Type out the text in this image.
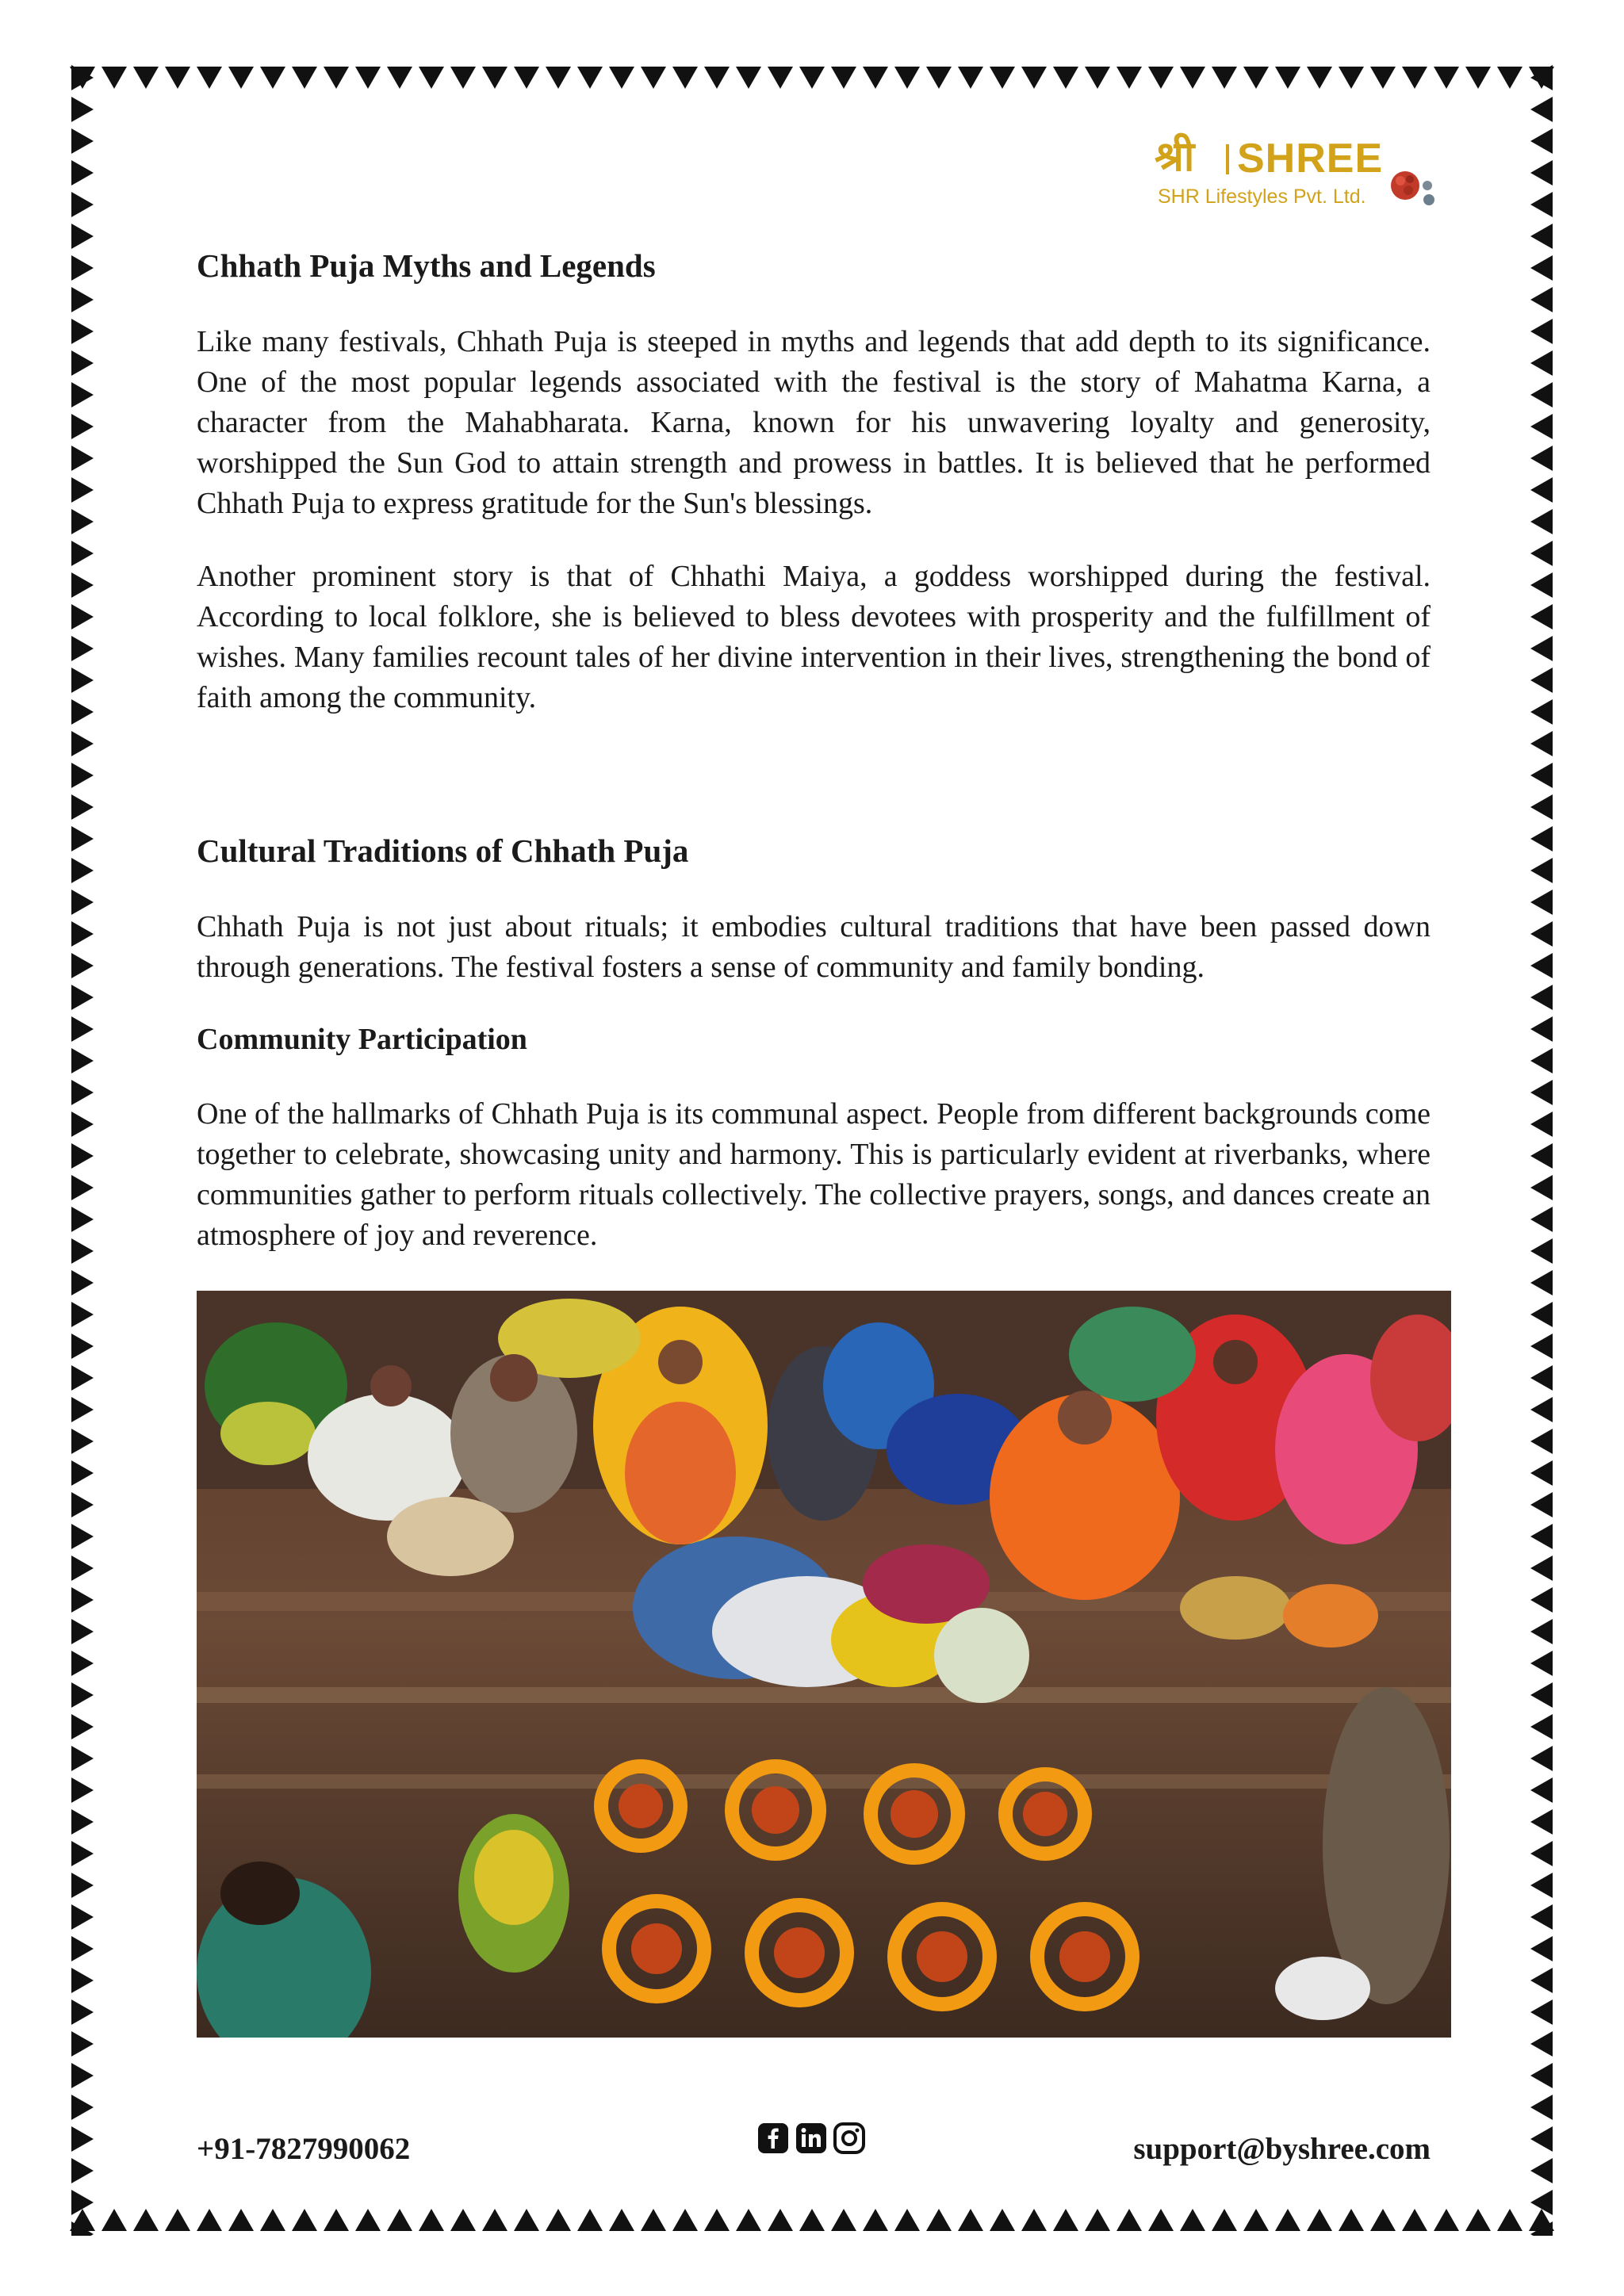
श्री SHREE
SHR Lifestyles Pvt. Ltd.
Chhath Puja Myths and Legends

Like many festivals, Chhath Puja is steeped in myths and legends that add depth to its significance. One of the most popular legends associated with the festival is the story of Mahatma Karna, a character from the Mahabharata. Karna, known for his unwavering loyalty and generosity, worshipped the Sun God to attain strength and prowess in battles. It is believed that he performed Chhath Puja to express gratitude for the Sun's blessings.

Another prominent story is that of Chhathi Maiya, a goddess worshipped during the festival. According to local folklore, she is believed to bless devotees with prosperity and the fulfillment of wishes. Many families recount tales of her divine intervention in their lives, strengthening the bond of faith among the community.

Cultural Traditions of Chhath Puja

Chhath Puja is not just about rituals; it embodies cultural traditions that have been passed down through generations. The festival fosters a sense of community and family bonding.

Community Participation

One of the hallmarks of Chhath Puja is its communal aspect. People from different backgrounds come together to celebrate, showcasing unity and harmony. This is particularly evident at riverbanks, where communities gather to perform rituals collectively. The collective prayers, songs, and dances create an atmosphere of joy and reverence.

+91-7827990062	support@byshree.com
